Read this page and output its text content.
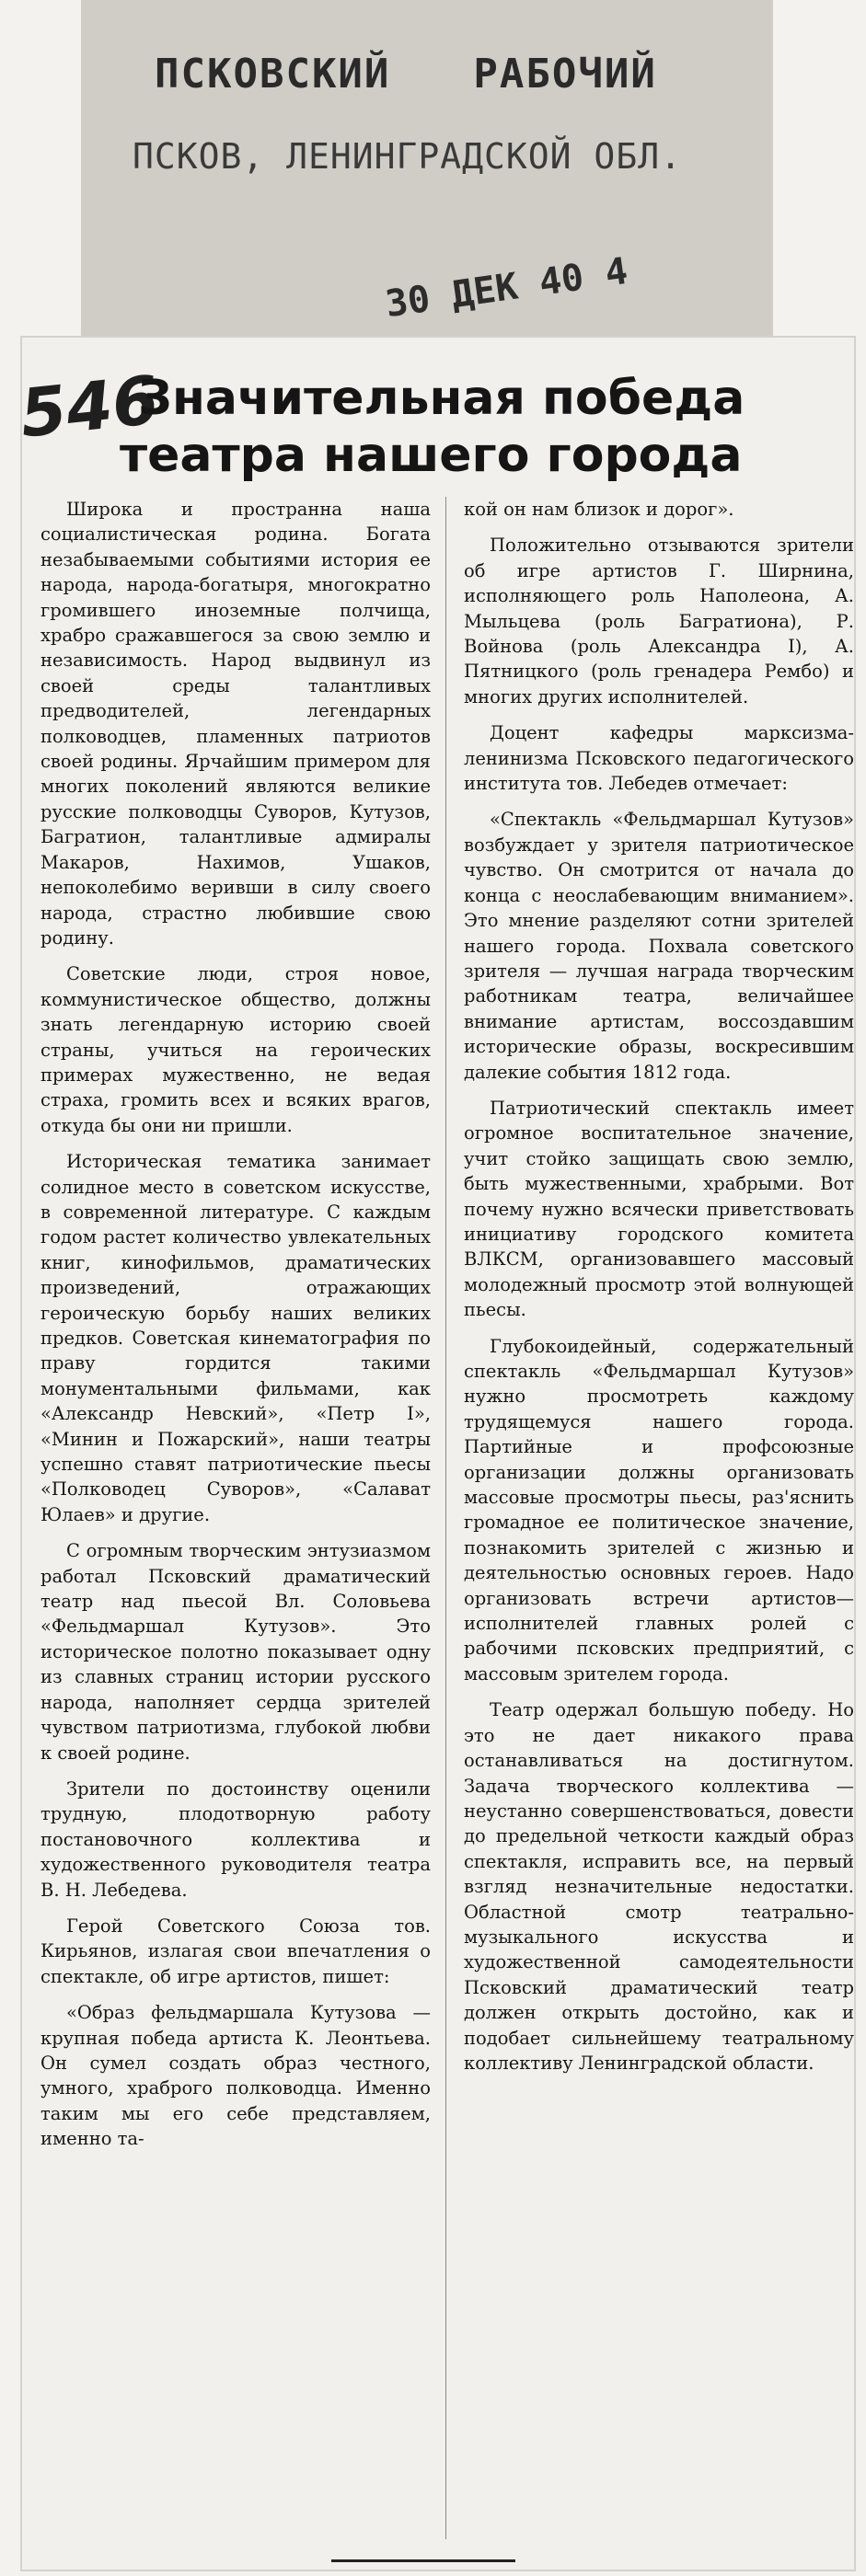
ПСКОВСКИЙ РАБОЧИЙ
ПСКОВ, ЛЕНИНГРАДСКОЙ ОБЛ.
30 ДЕК 40 4
546
Значительная победа
театра нашего города

Широка и пространна наша социалистическая родина. Богата незабываемыми событиями история ее народа, народа-богатыря, многократно громившего иноземные полчища, храбро сражавшегося за свою землю и независимость. Народ выдвинул из своей среды талантливых предводителей, легендарных полководцев, пламенных патриотов своей родины. Ярчайшим примером для многих поколений являются великие русские полководцы Суворов, Кутузов, Багратион, талантливые адмиралы Макаров, Нахимов, Ушаков, непоколебимо веривши в силу своего народа, страстно любившие свою родину.

Советские люди, строя новое, коммунистическое общество, должны знать легендарную историю своей страны, учиться на героических примерах мужественно, не ведая страха, громить всех и всяких врагов, откуда бы они ни пришли.

Историческая тематика занимает солидное место в советском искусстве, в современной литературе. С каждым годом растет количество увлекательных книг, кинофильмов, драматических произведений, отражающих героическую борьбу наших великих предков. Советская кинематография по праву гордится такими монументальными фильмами, как «Александр Невский», «Петр I», «Минин и Пожарский», наши театры успешно ставят патриотические пьесы «Полководец Суворов», «Салават Юлаев» и другие.

С огромным творческим энтузиазмом работал Псковский драматический театр над пьесой Вл. Соловьева «Фельдмаршал Кутузов». Это историческое полотно показывает одну из славных страниц истории русского народа, наполняет сердца зрителей чувством патриотизма, глубокой любви к своей родине.

Зрители по достоинству оценили трудную, плодотворную работу постановочного коллектива и художественного руководителя театра В. Н. Лебедева.

Герой Советского Союза тов. Кирьянов, излагая свои впечатления о спектакле, об игре артистов, пишет:

«Образ фельдмаршала Кутузова — крупная победа артиста К. Леонтьева. Он сумел создать образ честного, умного, храброго полководца. Именно таким мы его себе представляем, именно та-

кой он нам близок и дорог».

Положительно отзываются зрители об игре артистов Г. Ширнина, исполняющего роль Наполеона, А. Мыльцева (роль Багратиона), Р. Войнова (роль Александра I), А. Пятницкого (роль гренадера Рембо) и многих других исполнителей.

Доцент кафедры марксизма-ленинизма Псковского педагогического института тов. Лебедев отмечает:

«Спектакль «Фельдмаршал Кутузов» возбуждает у зрителя патриотическое чувство. Он смотрится от начала до конца с неослабевающим вниманием». Это мнение разделяют сотни зрителей нашего города. Похвала советского зрителя — лучшая награда творческим работникам театра, величайшее внимание артистам, воссоздавшим исторические образы, воскресившим далекие события 1812 года.

Патриотический спектакль имеет огромное воспитательное значение, учит стойко защищать свою землю, быть мужественными, храбрыми. Вот почему нужно всячески приветствовать инициативу городского комитета ВЛКСМ, организовавшего массовый молодежный просмотр этой волнующей пьесы.

Глубокоидейный, содержательный спектакль «Фельдмаршал Кутузов» нужно просмотреть каждому трудящемуся нашего города. Партийные и профсоюзные организации должны организовать массовые просмотры пьесы, раз'яснить громадное ее политическое значение, познакомить зрителей с жизнью и деятельностью основных героев. Надо организовать встречи артистов—исполнителей главных ролей с рабочими псковских предприятий, с массовым зрителем города.

Театр одержал большую победу. Но это не дает никакого права останавливаться на достигнутом. Задача творческого коллектива — неустанно совершенствоваться, довести до предельной четкости каждый образ спектакля, исправить все, на первый взгляд незначительные недостатки. Областной смотр театрально-музыкального искусства и художественной самодеятельности Псковский драматический театр должен открыть достойно, как и подобает сильнейшему театральному коллективу Ленинградской области.
